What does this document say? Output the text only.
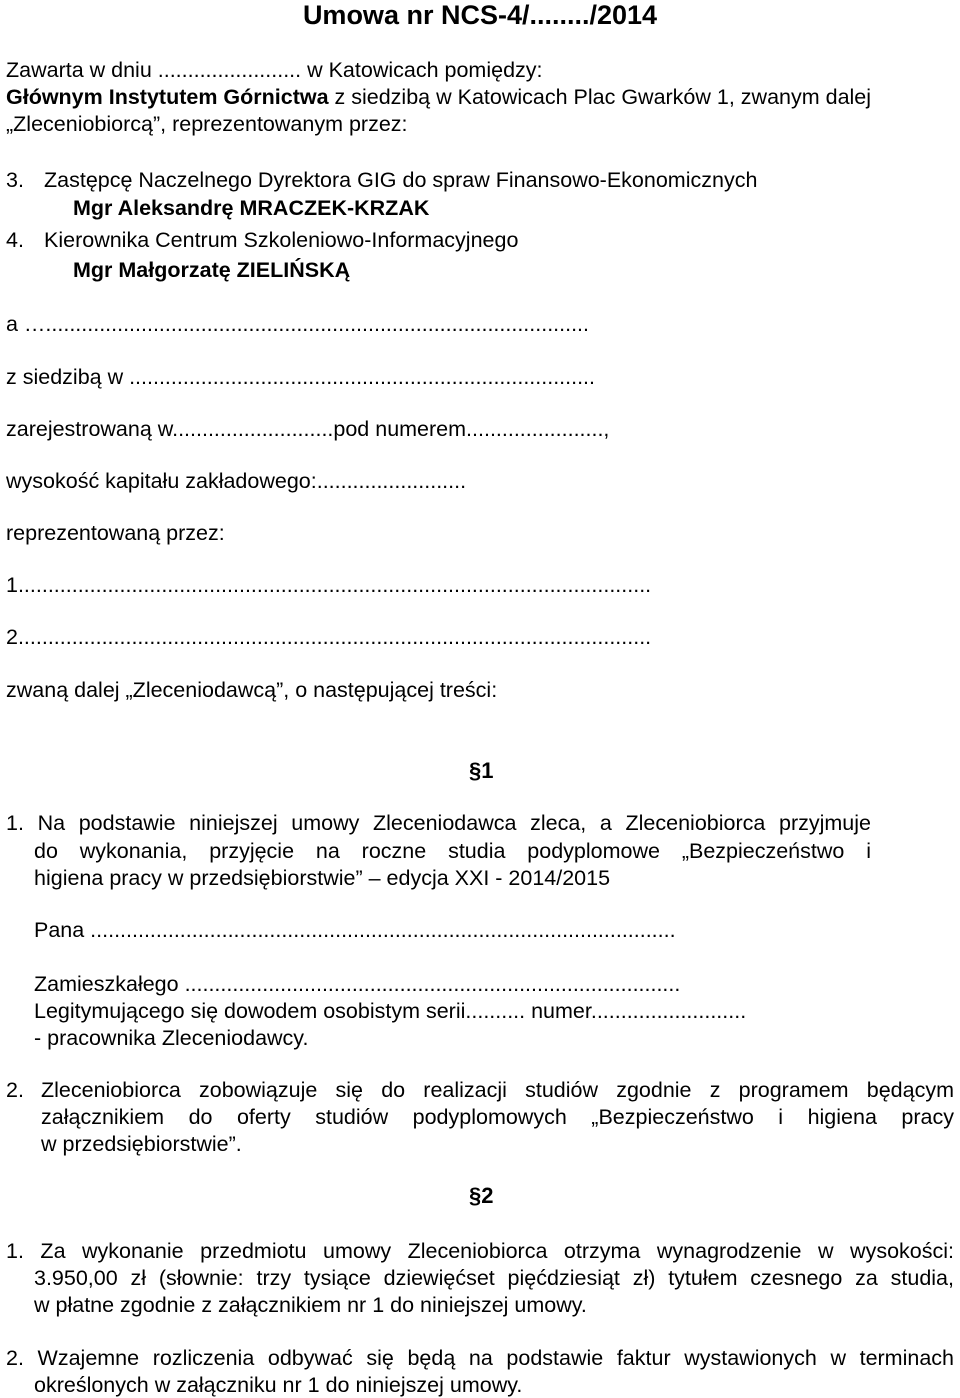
Umowa nr NCS-4/......../2014
Zawarta w dniu ........................ w Katowicach pomiędzy:
Głównym Instytutem Górnictwa z siedzibą w Katowicach Plac Gwarków 1, zwanym dalej
„Zleceniobiorcą”, reprezentowanym przez:
3. Zastępcę Naczelnego Dyrektora GIG do spraw Finansowo-Ekonomicznych
Mgr Aleksandrę MRACZEK-KRZAK
4. Kierownika Centrum Szkoleniowo-Informacyjnego
Mgr Małgorzatę ZIELIŃSKĄ
a …...........................................................................................
z siedzibą w ..............................................................................
zarejestrowaną w...........................pod numerem.......................,
wysokość kapitału zakładowego:.........................
reprezentowaną przez:
1..........................................................................................................
2..........................................................................................................
zwaną dalej „Zleceniodawcą”, o następującej treści:
§1
1. Na podstawie niniejszej umowy Zleceniodawca zleca, a Zleceniobiorca przyjmuje
do wykonania, przyjęcie na roczne studia podyplomowe „Bezpieczeństwo i
higiena pracy w przedsiębiorstwie” – edycja XXI - 2014/2015
Pana ..................................................................................................
Zamieszkałego ...................................................................................
Legitymującego się dowodem osobistym serii.......... numer..........................
- pracownika Zleceniodawcy.
2. Zleceniobiorca zobowiązuje się do realizacji studiów zgodnie z programem będącym
załącznikiem do oferty studiów podyplomowych „Bezpieczeństwo i higiena pracy
w przedsiębiorstwie”.
§2
1. Za wykonanie przedmiotu umowy Zleceniobiorca otrzyma wynagrodzenie w wysokości:
3.950,00 zł (słownie: trzy tysiące dziewięćset pięćdziesiąt zł) tytułem czesnego za studia,
w płatne zgodnie z załącznikiem nr 1 do niniejszej umowy.
2. Wzajemne rozliczenia odbywać się będą na podstawie faktur wystawionych w terminach
określonych w załączniku nr 1 do niniejszej umowy.
